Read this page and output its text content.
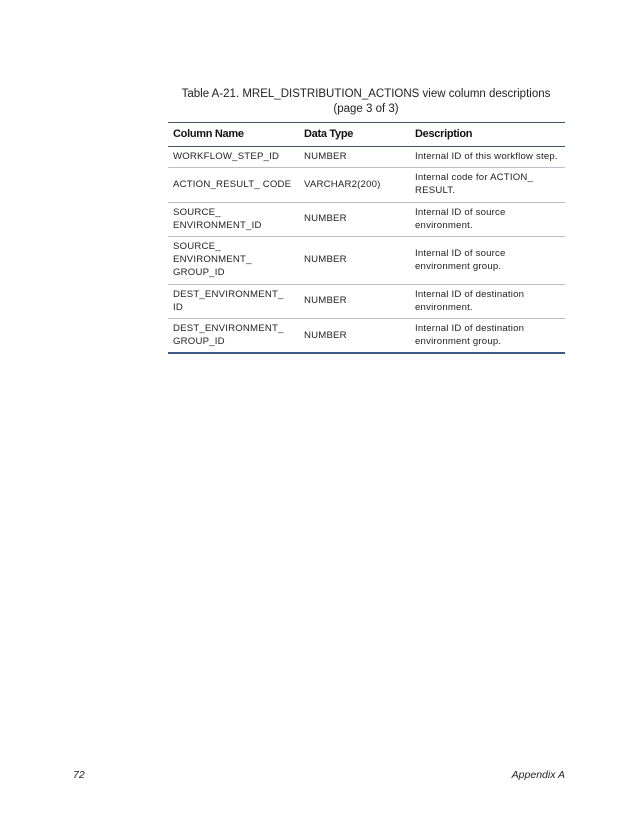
Table A-21. MREL_DISTRIBUTION_ACTIONS view column descriptions
(page 3 of 3)
Column Name	Data Type	Description
WORKFLOW_STEP_ID	NUMBER	Internal ID of this workflow step.
ACTION_RESULT_ CODE	VARCHAR2(200)	Internal code for ACTION_ RESULT.
SOURCE_ ENVIRONMENT_ID	NUMBER	Internal ID of source environment.
SOURCE_ ENVIRONMENT_ GROUP_ID	NUMBER	Internal ID of source environment group.
DEST_ENVIRONMENT_ ID	NUMBER	Internal ID of destination environment.
DEST_ENVIRONMENT_ GROUP_ID	NUMBER	Internal ID of destination environment group.
72	Appendix A
